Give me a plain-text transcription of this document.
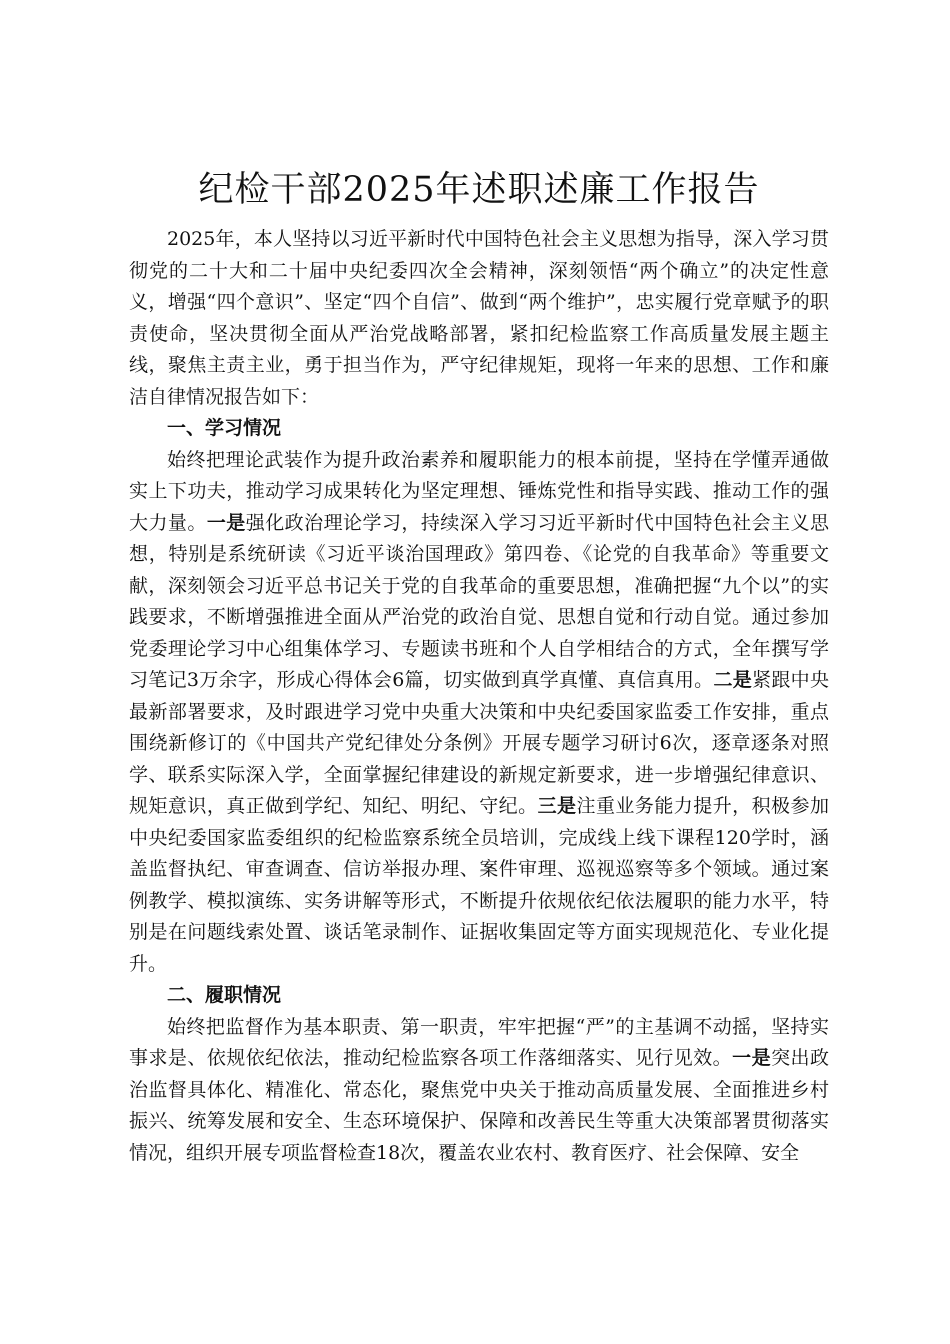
纪检干部2025年述职述廉工作报告

2025年，本人坚持以习近平新时代中国特色社会主义思想为指导，深入学习贯彻党的二十大和二十届中央纪委四次全会精神，深刻领悟“两个确立”的决定性意义，增强“四个意识”、坚定“四个自信”、做到“两个维护”，忠实履行党章赋予的职责使命，坚决贯彻全面从严治党战略部署，紧扣纪检监察工作高质量发展主题主线，聚焦主责主业，勇于担当作为，严守纪律规矩，现将一年来的思想、工作和廉洁自律情况报告如下：

一、学习情况

始终把理论武装作为提升政治素养和履职能力的根本前提，坚持在学懂弄通做实上下功夫，推动学习成果转化为坚定理想、锤炼党性和指导实践、推动工作的强大力量。一是强化政治理论学习，持续深入学习习近平新时代中国特色社会主义思想，特别是系统研读《习近平谈治国理政》第四卷、《论党的自我革命》等重要文献，深刻领会习近平总书记关于党的自我革命的重要思想，准确把握“九个以”的实践要求，不断增强推进全面从严治党的政治自觉、思想自觉和行动自觉。通过参加党委理论学习中心组集体学习、专题读书班和个人自学相结合的方式，全年撰写学习笔记3万余字，形成心得体会6篇，切实做到真学真懂、真信真用。二是紧跟中央最新部署要求，及时跟进学习党中央重大决策和中央纪委国家监委工作安排，重点围绕新修订的《中国共产党纪律处分条例》开展专题学习研讨6次，逐章逐条对照学、联系实际深入学，全面掌握纪律建设的新规定新要求，进一步增强纪律意识、规矩意识，真正做到学纪、知纪、明纪、守纪。三是注重业务能力提升，积极参加中央纪委国家监委组织的纪检监察系统全员培训，完成线上线下课程120学时，涵盖监督执纪、审查调查、信访举报办理、案件审理、巡视巡察等多个领域。通过案例教学、模拟演练、实务讲解等形式，不断提升依规依纪依法履职的能力水平，特别是在问题线索处置、谈话笔录制作、证据收集固定等方面实现规范化、专业化提升。

二、履职情况

始终把监督作为基本职责、第一职责，牢牢把握“严”的主基调不动摇，坚持实事求是、依规依纪依法，推动纪检监察各项工作落细落实、见行见效。一是突出政治监督具体化、精准化、常态化，聚焦党中央关于推动高质量发展、全面推进乡村振兴、统筹发展和安全、生态环境保护、保障和改善民生等重大决策部署贯彻落实情况，组织开展专项监督检查18次，覆盖农业农村、教育医疗、社会保障、安全
